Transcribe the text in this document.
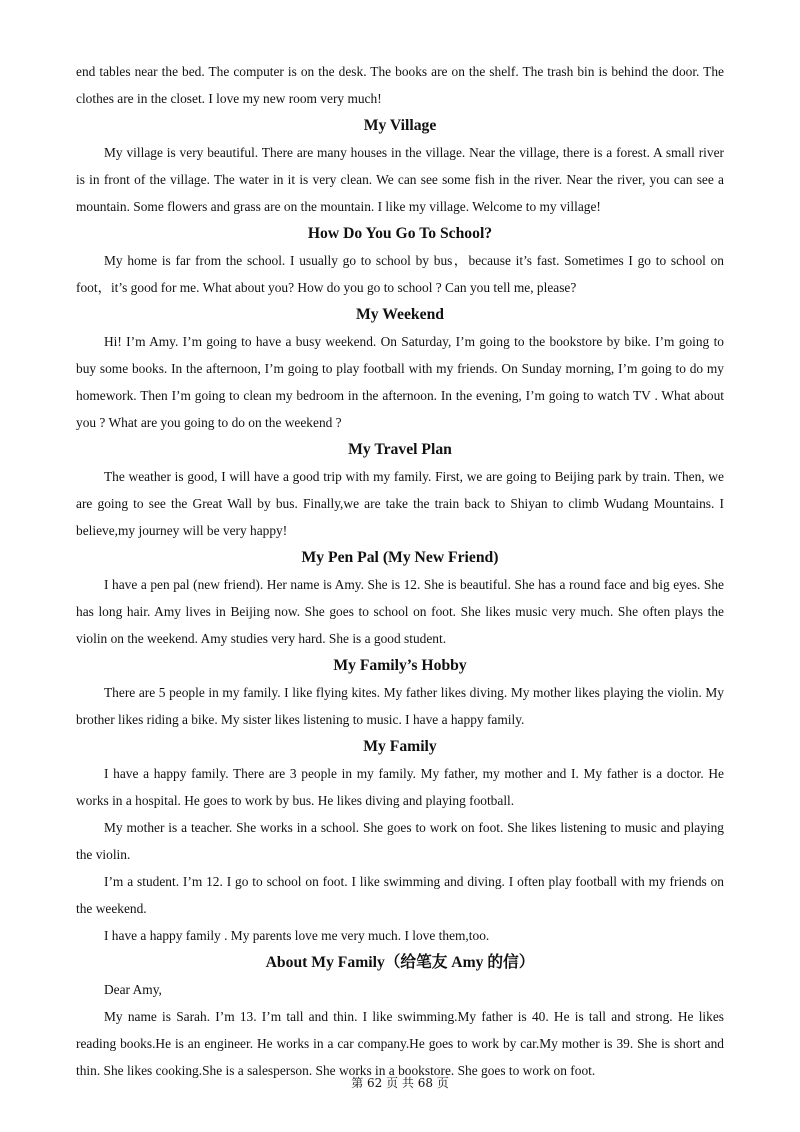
end tables near the bed. The computer is on the desk. The books are on the shelf. The trash bin is behind the door. The clothes are in the closet. I love my new room very much!

My Village

My village is very beautiful. There are many houses in the village. Near the village, there is a forest. A small river is in front of the village. The water in it is very clean. We can see some fish in the river. Near the river, you can see a mountain. Some flowers and grass are on the mountain. I like my village. Welcome to my village!

How Do You Go To School?

My home is far from the school. I usually go to school by bus，because it’s fast. Sometimes I go to school on foot，it’s good for me. What about you? How do you go to school ? Can you tell me, please?

My Weekend

Hi! I’m Amy. I’m going to have a busy weekend. On Saturday, I’m going to the bookstore by bike. I’m going to buy some books. In the afternoon, I’m going to play football with my friends. On Sunday morning, I’m going to do my homework. Then I’m going to clean my bedroom in the afternoon. In the evening, I’m going to watch TV . What about you ? What are you going to do on the weekend ?

My Travel Plan

The weather is good, I will have a good trip with my family. First, we are going to Beijing park by train. Then, we are going to see the Great Wall by bus. Finally,we are take the train back to Shiyan to climb Wudang Mountains. I believe,my journey will be very happy!

My Pen Pal (My New Friend)

I have a pen pal (new friend). Her name is Amy. She is 12. She is beautiful. She has a round face and big eyes. She has long hair. Amy lives in Beijing now. She goes to school on foot. She likes music very much. She often plays the violin on the weekend. Amy studies very hard. She is a good student.

My Family’s Hobby

There are 5 people in my family. I like flying kites. My father likes diving. My mother likes playing the violin. My brother likes riding a bike. My sister likes listening to music. I have a happy family.

My Family

I have a happy family. There are 3 people in my family. My father, my mother and I. My father is a doctor. He works in a hospital. He goes to work by bus. He likes diving and playing football.

My mother is a teacher. She works in a school. She goes to work on foot. She likes listening to music and playing the violin.

I’m a student. I’m 12. I go to school on foot. I like swimming and diving. I often play football with my friends on the weekend.

I have a happy family . My parents love me very much. I love them,too.

About My Family（给笔友 Amy 的信）

Dear Amy,

My name is Sarah. I’m 13. I’m tall and thin. I like swimming.My father is 40. He is tall and strong. He likes reading books.He is an engineer. He works in a car company.He goes to work by car.My mother is 39. She is short and thin. She likes cooking.She is a salesperson. She works in a bookstore. She goes to work on foot.

第 62 页 共 68 页
